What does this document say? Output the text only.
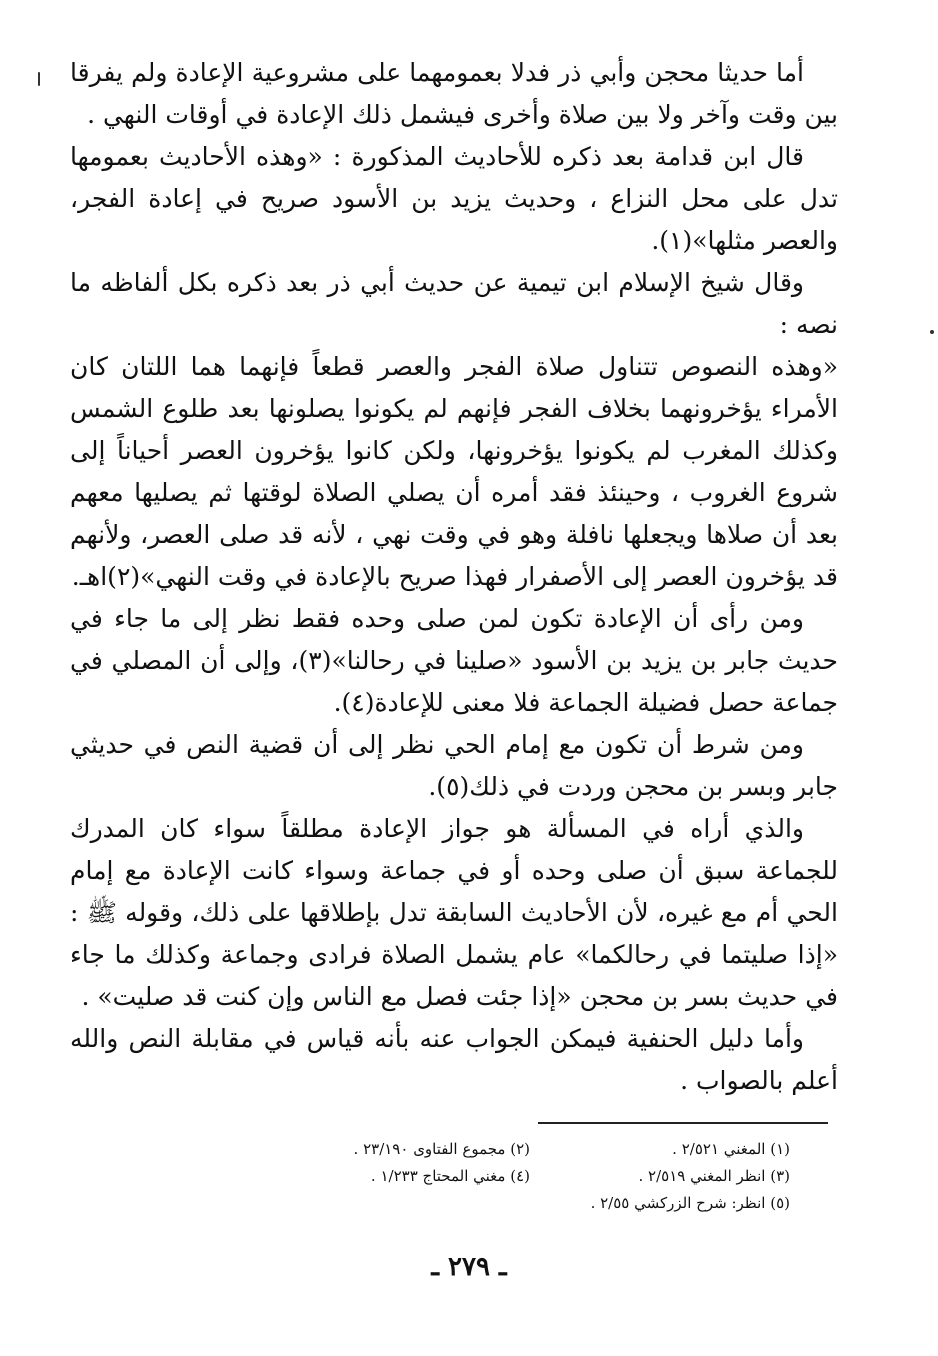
أما حديثا محجن وأبي ذر فدلا بعمومهما على مشروعية الإعادة ولم يفرقا بين وقت وآخر ولا بين صلاة وأخرى فيشمل ذلك الإعادة في أوقات النهي .

قال ابن قدامة بعد ذكره للأحاديث المذكورة : «وهذه الأحاديث بعمومها تدل على محل النزاع ، وحديث يزيد بن الأسود صريح في إعادة الفجر، والعصر مثلها»(١).

وقال شيخ الإسلام ابن تيمية عن حديث أبي ذر بعد ذكره بكل ألفاظه ما نصه :

«وهذه النصوص تتناول صلاة الفجر والعصر قطعاً فإنهما هما اللتان كان الأمراء يؤخرونهما بخلاف الفجر فإنهم لم يكونوا يصلونها بعد طلوع الشمس وكذلك المغرب لم يكونوا يؤخرونها، ولكن كانوا يؤخرون العصر أحياناً إلى شروع الغروب ، وحينئذ فقد أمره أن يصلي الصلاة لوقتها ثم يصليها معهم بعد أن صلاها ويجعلها نافلة وهو في وقت نهي ، لأنه قد صلى العصر، ولأنهم قد يؤخرون العصر إلى الأصفرار فهذا صريح بالإعادة في وقت النهي»(٢)اهـ.

ومن رأى أن الإعادة تكون لمن صلى وحده فقط نظر إلى ما جاء في حديث جابر بن يزيد بن الأسود «صلينا في رحالنا»(٣)، وإلى أن المصلي في جماعة حصل فضيلة الجماعة فلا معنى للإعادة(٤).

ومن شرط أن تكون مع إمام الحي نظر إلى أن قضية النص في حديثي جابر وبسر بن محجن وردت في ذلك(٥).

والذي أراه في المسألة هو جواز الإعادة مطلقاً سواء كان المدرك للجماعة سبق أن صلى وحده أو في جماعة وسواء كانت الإعادة مع إمام الحي أم مع غيره، لأن الأحاديث السابقة تدل بإطلاقها على ذلك، وقوله ﷺ : «إذا صليتما في رحالكما» عام يشمل الصلاة فرادى وجماعة وكذلك ما جاء في حديث بسر بن محجن «إذا جئت فصل مع الناس وإن كنت قد صليت» .

وأما دليل الحنفية فيمكن الجواب عنه بأنه قياس في مقابلة النص والله أعلم بالصواب .

(١) المغني ٢/٥٢١ .
(٢) مجموع الفتاوى ٢٣/١٩٠ .
(٣) انظر المغني ٢/٥١٩ .
(٤) مغني المحتاج ١/٢٣٣ .
(٥) انظر: شرح الزركشي ٢/٥٥ .
ـ ٢٧٩ ـ
